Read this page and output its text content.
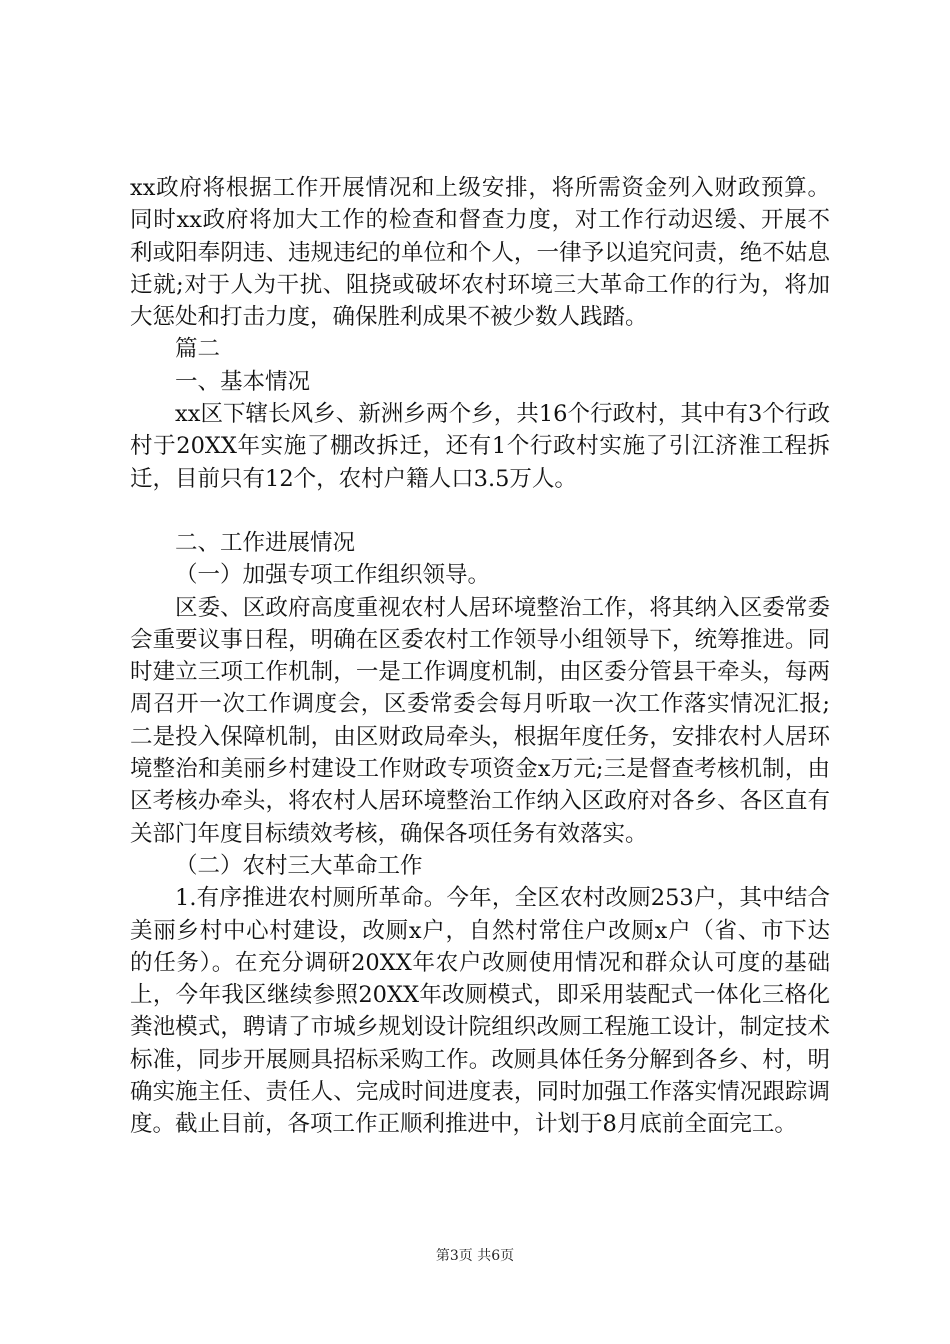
xx政府将根据工作开展情况和上级安排，将所需资金列入财政预算。同时xx政府将加大工作的检查和督查力度，对工作行动迟缓、开展不利或阳奉阴违、违规违纪的单位和个人，一律予以追究问责，绝不姑息迁就;对于人为干扰、阻挠或破坏农村环境三大革命工作的行为，将加大惩处和打击力度，确保胜利成果不被少数人践踏。

篇二

一、基本情况

xx区下辖长风乡、新洲乡两个乡，共16个行政村，其中有3个行政村于20XX年实施了棚改拆迁，还有1个行政村实施了引江济淮工程拆迁，目前只有12个，农村户籍人口3.5万人。

二、工作进展情况

（一）加强专项工作组织领导。

区委、区政府高度重视农村人居环境整治工作，将其纳入区委常委会重要议事日程，明确在区委农村工作领导小组领导下，统筹推进。同时建立三项工作机制，一是工作调度机制，由区委分管县干牵头，每两周召开一次工作调度会，区委常委会每月听取一次工作落实情况汇报;二是投入保障机制，由区财政局牵头，根据年度任务，安排农村人居环境整治和美丽乡村建设工作财政专项资金x万元;三是督查考核机制，由区考核办牵头，将农村人居环境整治工作纳入区政府对各乡、各区直有关部门年度目标绩效考核，确保各项任务有效落实。

（二）农村三大革命工作

1.有序推进农村厕所革命。今年，全区农村改厕253户，其中结合美丽乡村中心村建设，改厕x户，自然村常住户改厕x户（省、市下达的任务）。在充分调研20XX年农户改厕使用情况和群众认可度的基础上，今年我区继续参照20XX年改厕模式，即采用装配式一体化三格化粪池模式，聘请了市城乡规划设计院组织改厕工程施工设计，制定技术标准，同步开展厕具招标采购工作。改厕具体任务分解到各乡、村，明确实施主任、责任人、完成时间进度表，同时加强工作落实情况跟踪调度。截止目前，各项工作正顺利推进中，计划于8月底前全面完工。

第3页 共6页
